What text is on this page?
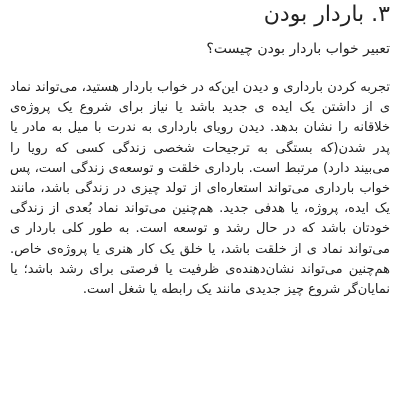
۳. باردار بودن

تعبیر خواب باردار بودن چیست؟

تجربه کردن بارداری و دیدن این‌که در خواب باردار هستید، می‌تواند نماد ی از داشتن یک ایده ی جدید باشد یا نیاز برای شروع یک پروژه‌ی خلاقانه را نشان بدهد. دیدن رویای بارداری به ندرت با میل به مادر یا پدر شدن(که بستگی به ترجیحات شخصی زندگی کسی که رویا را می‌بیند دارد) مرتبط است. بارداری خلقت و توسعه‌ی زندگی است، پس خواب بارداری می‌تواند استعاره‌ای از تولد چیزی در زندگی باشد، مانند یک ایده، پروژه، یا هدفی جدید. هم‌چنین می‌تواند نماد بُعدی از زندگی خودتان باشد که در حال رشد و توسعه است. به طور کلی باردار ی می‌تواند نماد ی از خلقت باشد، یا خلق یک کار هنری یا پروژه‌ی خاص. هم‌چنین می‌تواند نشان‌دهنده‌ی ظرفیت یا فرصتی برای رشد باشد؛ یا نمایان‌گر شروع چیز جدیدی مانند یک رابطه یا شغل است.
